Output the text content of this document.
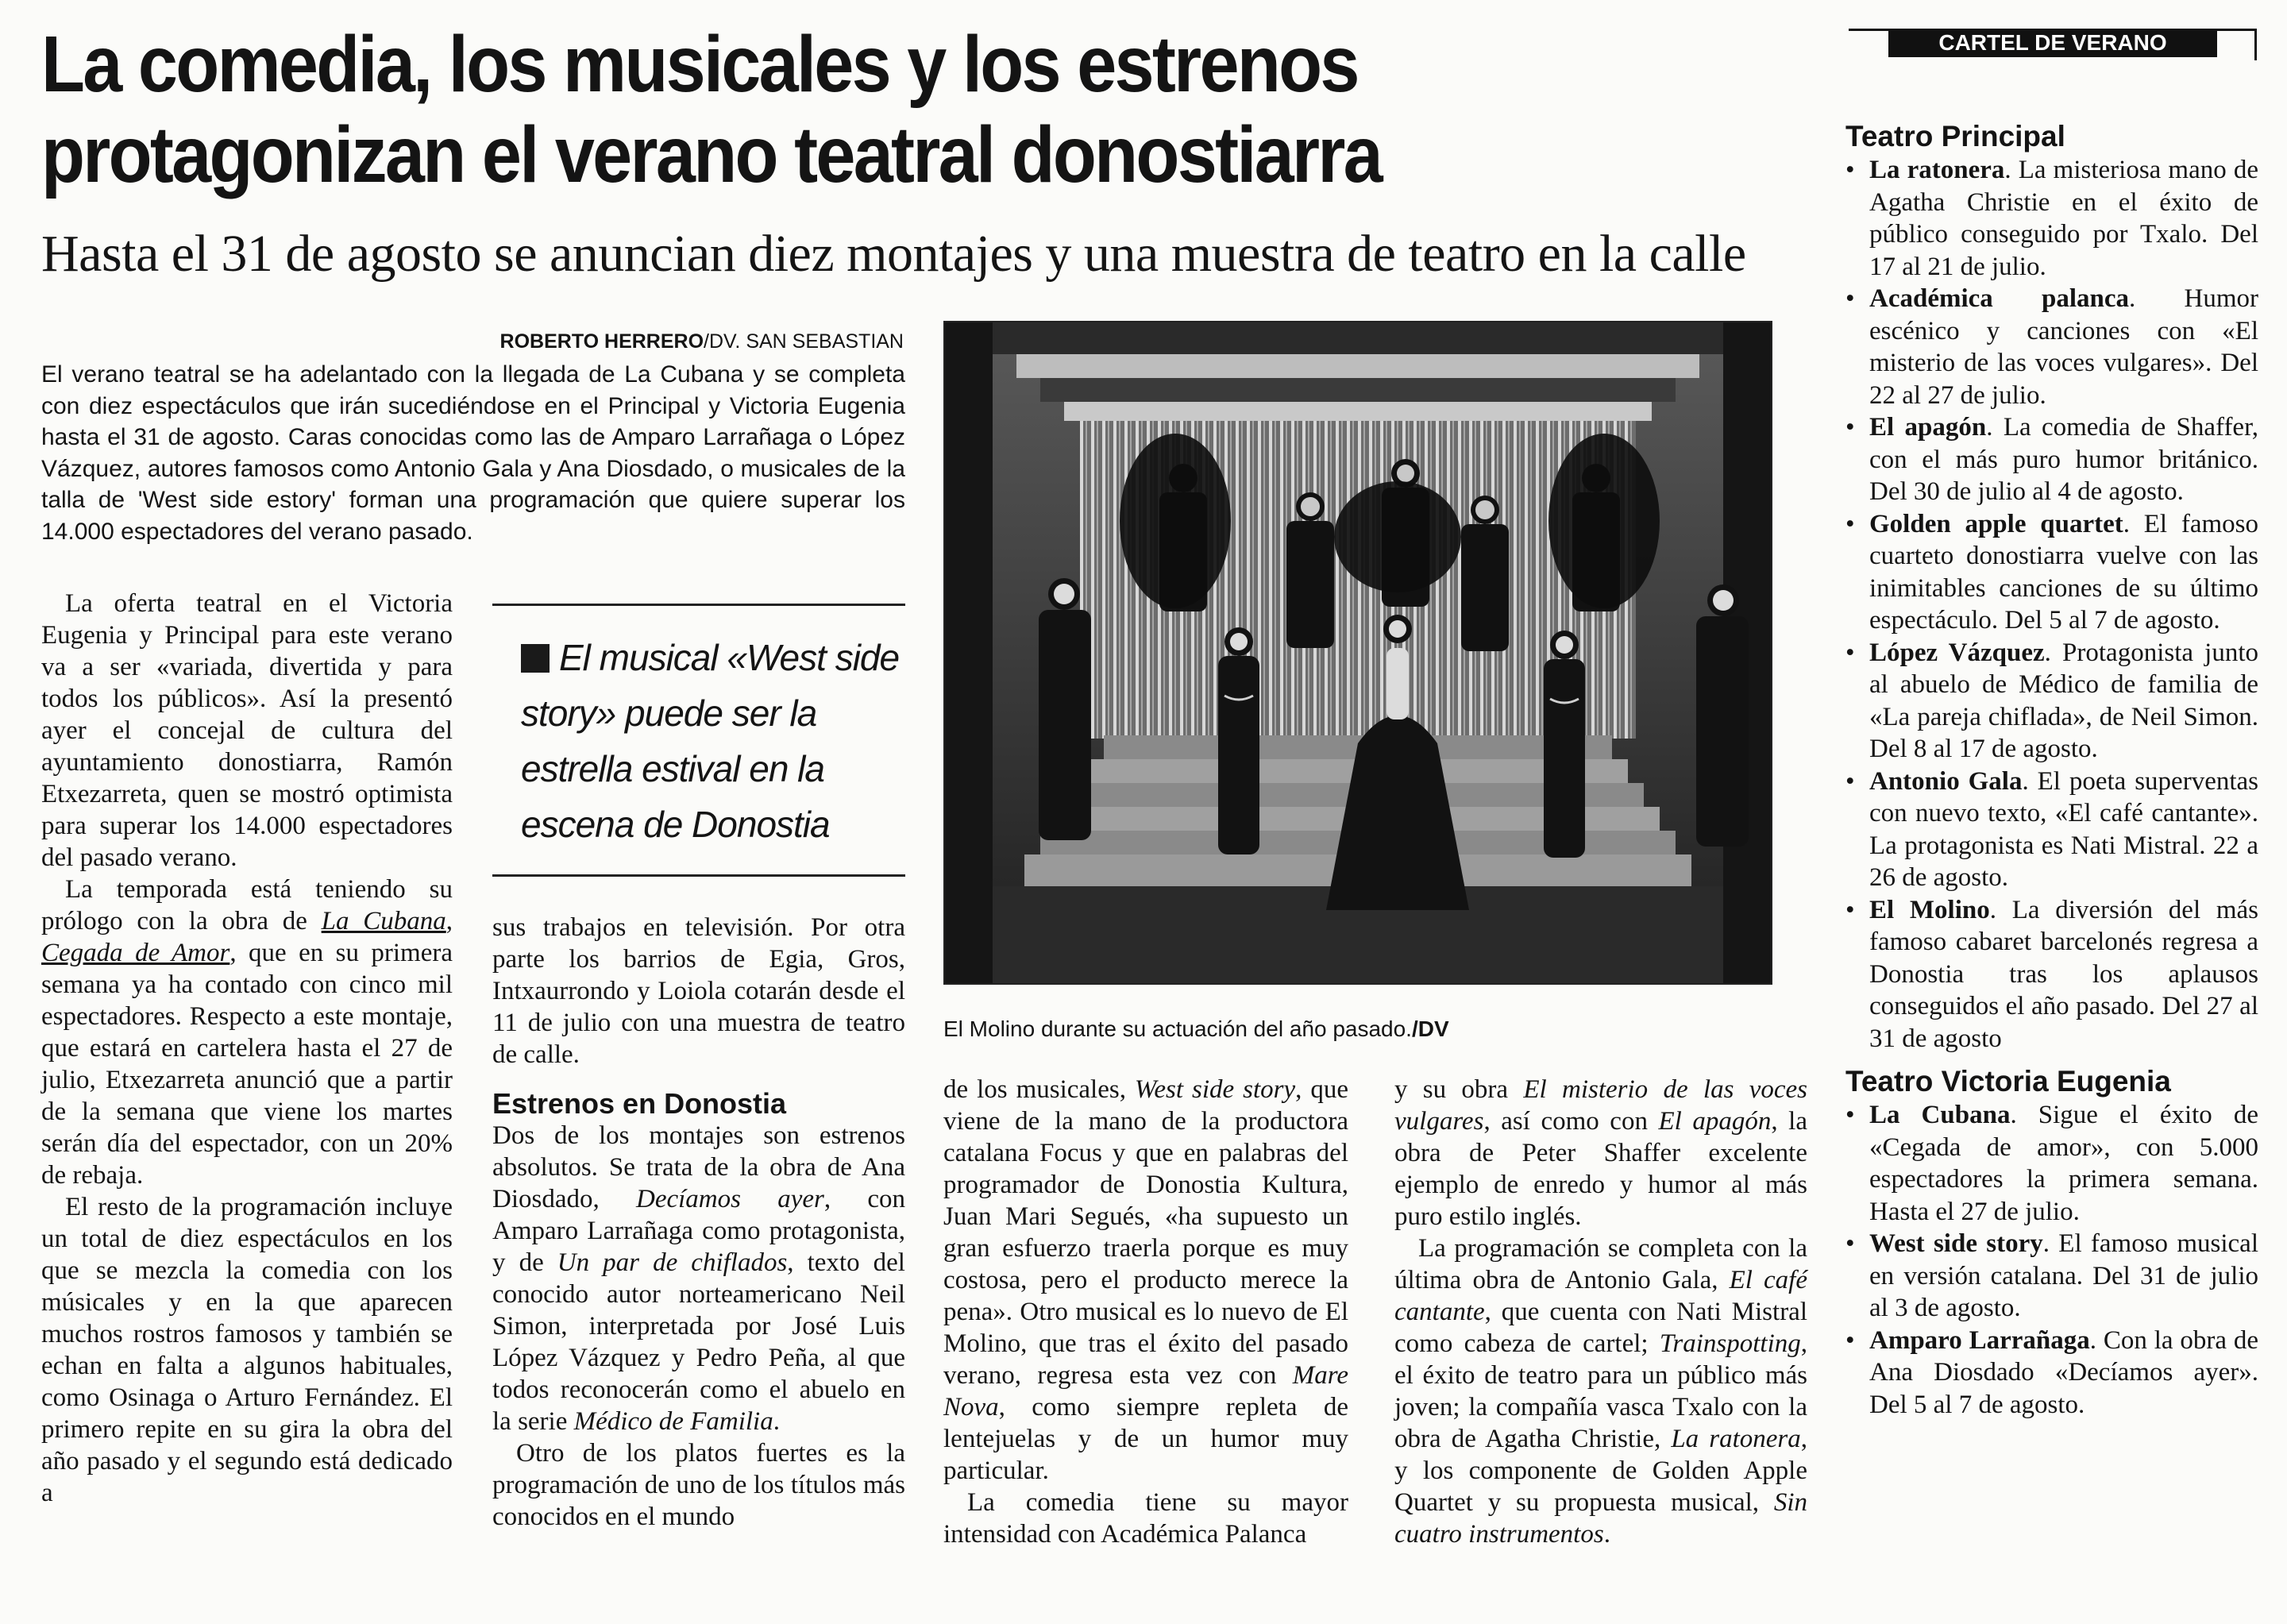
La comedia, los musicales y los estrenos
protagonizan el verano teatral donostiarra
Hasta el 31 de agosto se anuncian diez montajes y una muestra de teatro en la calle
ROBERTO HERRERO/DV. SAN SEBASTIAN
El verano teatral se ha adelantado con la llegada de La Cubana y se completa con diez espectáculos que irán sucediéndose en el Principal y Victoria Eugenia hasta el 31 de agosto. Caras conocidas como las de Amparo Larrañaga o López Vázquez, autores famosos como Antonio Gala y Ana Diosdado, o musicales de la talla de 'West side estory' forman una programación que quiere superar los 14.000 espectadores del verano pasado.

La oferta teatral en el Victoria Eugenia y Principal para este verano va a ser «variada, divertida y para todos los públicos». Así la presentó ayer el concejal de cultura del ayuntamiento donostiarra, Ramón Etxezarreta, quen se mostró optimista para superar los 14.000 espectadores del pasado verano.

La temporada está teniendo su prólogo con la obra de La Cubana, Cegada de Amor, que en su primera semana ya ha contado con cinco mil espectadores. Respecto a este montaje, que estará en cartelera hasta el 27 de julio, Etxezarreta anunció que a partir de la semana que viene los martes serán día del espectador, con un 20% de rebaja.

El resto de la programación incluye un total de diez espectáculos en los que se mezcla la comedia con los músicales y en la que aparecen muchos rostros famosos y también se echan en falta a algunos habituales, como Osinaga o Arturo Fernández. El primero repite en su gira la obra del año pasado y el segundo está dedicado a

El musical «West side story» puede ser la estrella estival en la escena de Donostia

sus trabajos en televisión. Por otra parte los barrios de Egia, Gros, Intxaurrondo y Loiola cotarán desde el 11 de julio con una muestra de teatro de calle.

Estrenos en Donostia

Dos de los montajes son estrenos absolutos. Se trata de la obra de Ana Diosdado, Decíamos ayer, con Amparo Larrañaga como protagonista, y de Un par de chiflados, texto del conocido autor norteamericano Neil Simon, interpretada por José Luis López Vázquez y Pedro Peña, al que todos reconocerán como el abuelo en la serie Médico de Familia.

Otro de los platos fuertes es la programación de uno de los títulos más conocidos en el mundo

El Molino durante su actuación del año pasado./DV

de los musicales, West side story, que viene de la mano de la productora catalana Focus y que en palabras del programador de Donostia Kultura, Juan Mari Segués, «ha supuesto un gran esfuerzo traerla porque es muy costosa, pero el producto merece la pena». Otro musical es lo nuevo de El Molino, que tras el éxito del pasado verano, regresa esta vez con Mare Nova, como siempre repleta de lentejuelas y de un humor muy particular.

La comedia tiene su mayor intensidad con Académica Palanca

y su obra El misterio de las voces vulgares, así como con El apagón, la obra de Peter Shaffer excelente ejemplo de enredo y humor al más puro estilo inglés.

La programación se completa con la última obra de Antonio Gala, El café cantante, que cuenta con Nati Mistral como cabeza de cartel; Trainspotting, el éxito de teatro para un público más joven; la compañía vasca Txalo con la obra de Agatha Christie, La ratonera, y los componente de Golden Apple Quartet y su propuesta musical, Sin cuatro instrumentos.

CARTEL DE VERANO
Teatro Principal
• La ratonera. La misteriosa mano de Agatha Christie en el éxito de público conseguido por Txalo. Del 17 al 21 de julio.
• Académica palanca. Humor escénico y canciones con «El misterio de las voces vulgares». Del 22 al 27 de julio.
• El apagón. La comedia de Shaffer, con el más puro humor británico. Del 30 de julio al 4 de agosto.
• Golden apple quartet. El famoso cuarteto donostiarra vuelve con las inimitables canciones de su último espectáculo. Del 5 al 7 de agosto.
• López Vázquez. Protagonista junto al abuelo de Médico de familia de «La pareja chiflada», de Neil Simon. Del 8 al 17 de agosto.
• Antonio Gala. El poeta superventas con nuevo texto, «El café cantante». La protagonista es Nati Mistral. 22 a 26 de agosto.
• El Molino. La diversión del más famoso cabaret barcelonés regresa a Donostia tras los aplausos conseguidos el año pasado. Del 27 al 31 de agosto
Teatro Victoria Eugenia
• La Cubana. Sigue el éxito de «Cegada de amor», con 5.000 espectadores la primera semana. Hasta el 27 de julio.
• West side story. El famoso musical en versión catalana. Del 31 de julio al 3 de agosto.
• Amparo Larrañaga. Con la obra de Ana Diosdado «Decíamos ayer». Del 5 al 7 de agosto.
